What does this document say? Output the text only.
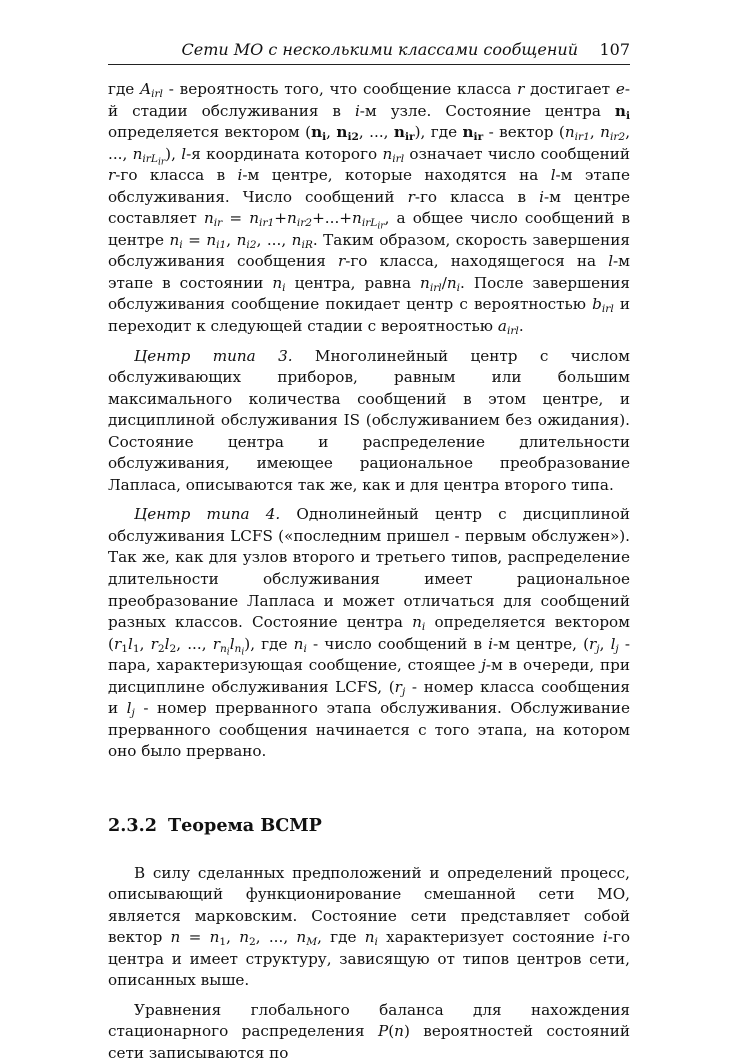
Сети МО с несколькими классами сообщений 107

где $A_{irl}$ - вероятность того, что сообщение класса r достигает e-й стадии обслуживания в i-м узле. Состояние центра $n_i$ определяется вектором ($n_i$, $n_{i2}$, ..., $n_{ir}$), где $n_{ir}$ - вектор ($n_{ir1}$, $n_{ir2}$, ..., $n_{irL_{ir}}$), l-я координата которого $n_{irl}$ означает число сообщений r-го класса в i-м центре, которые находятся на l-м этапе обслуживания. Число сообщений r-го класса в i-м центре составляет $n_{ir} = n_{ir1}+n_{ir2}+...+n_{irL_{ir}}$, а общее число сообщений в центре $n_i = n_{i1}$, $n_{i2}$, ..., $n_{iR}$. Таким образом, скорость завершения обслуживания сообщения r-го класса, находящегося на l-м этапе в состоянии $n_i$ центра, равна $n_{irl}/n_i$. После завершения обслуживания сообщение покидает центр с вероятностью $b_{irl}$ и переходит к следующей стадии с вероятностью $a_{irl}$.

Центр типа 3. Многолинейный центр с числом обслуживающих приборов, равным или большим максимального количества сообщений в этом центре, и дисциплиной обслуживания IS (обслуживанием без ожидания). Состояние центра и распределение длительности обслуживания, имеющее рациональное преобразование Лапласа, описываются так же, как и для центра второго типа.

Центр типа 4. Однолинейный центр с дисциплиной обслуживания LCFS («последним пришел - первым обслужен»). Так же, как для узлов второго и третьего типов, распределение длительности обслуживания имеет рациональное преобразование Лапласа и может отличаться для сообщений разных классов. Состояние центра $n_i$ определяется вектором ($r_1l_1$, $r_2l_2$, ..., $r_{n_i}l_{n_i}$), где $n_i$ - число сообщений в i-м центре, ($r_j$, $l_j$ - пара, характеризующая сообщение, стоящее j-м в очереди, при дисциплине обслуживания LCFS, ($r_j$ - номер класса сообщения и $l_j$ - номер прерванного этапа обслуживания. Обслуживание прерванного сообщения начинается с того этапа, на котором оно было прервано.

2.3.2 Теорема ВСМР

В силу сделанных предположений и определений процесс, описывающий функционирование смешанной сети МО, является марковским. Состояние сети представляет собой вектор $n = n_1$, $n_2$, ..., $n_M$, где $n_i$ характеризует состояние i-го центра и имеет структуру, зависящую от типов центров сети, описанных выше.

Уравнения глобального баланса для нахождения стационарного распределения P(n) вероятностей состояний сети записываются по
